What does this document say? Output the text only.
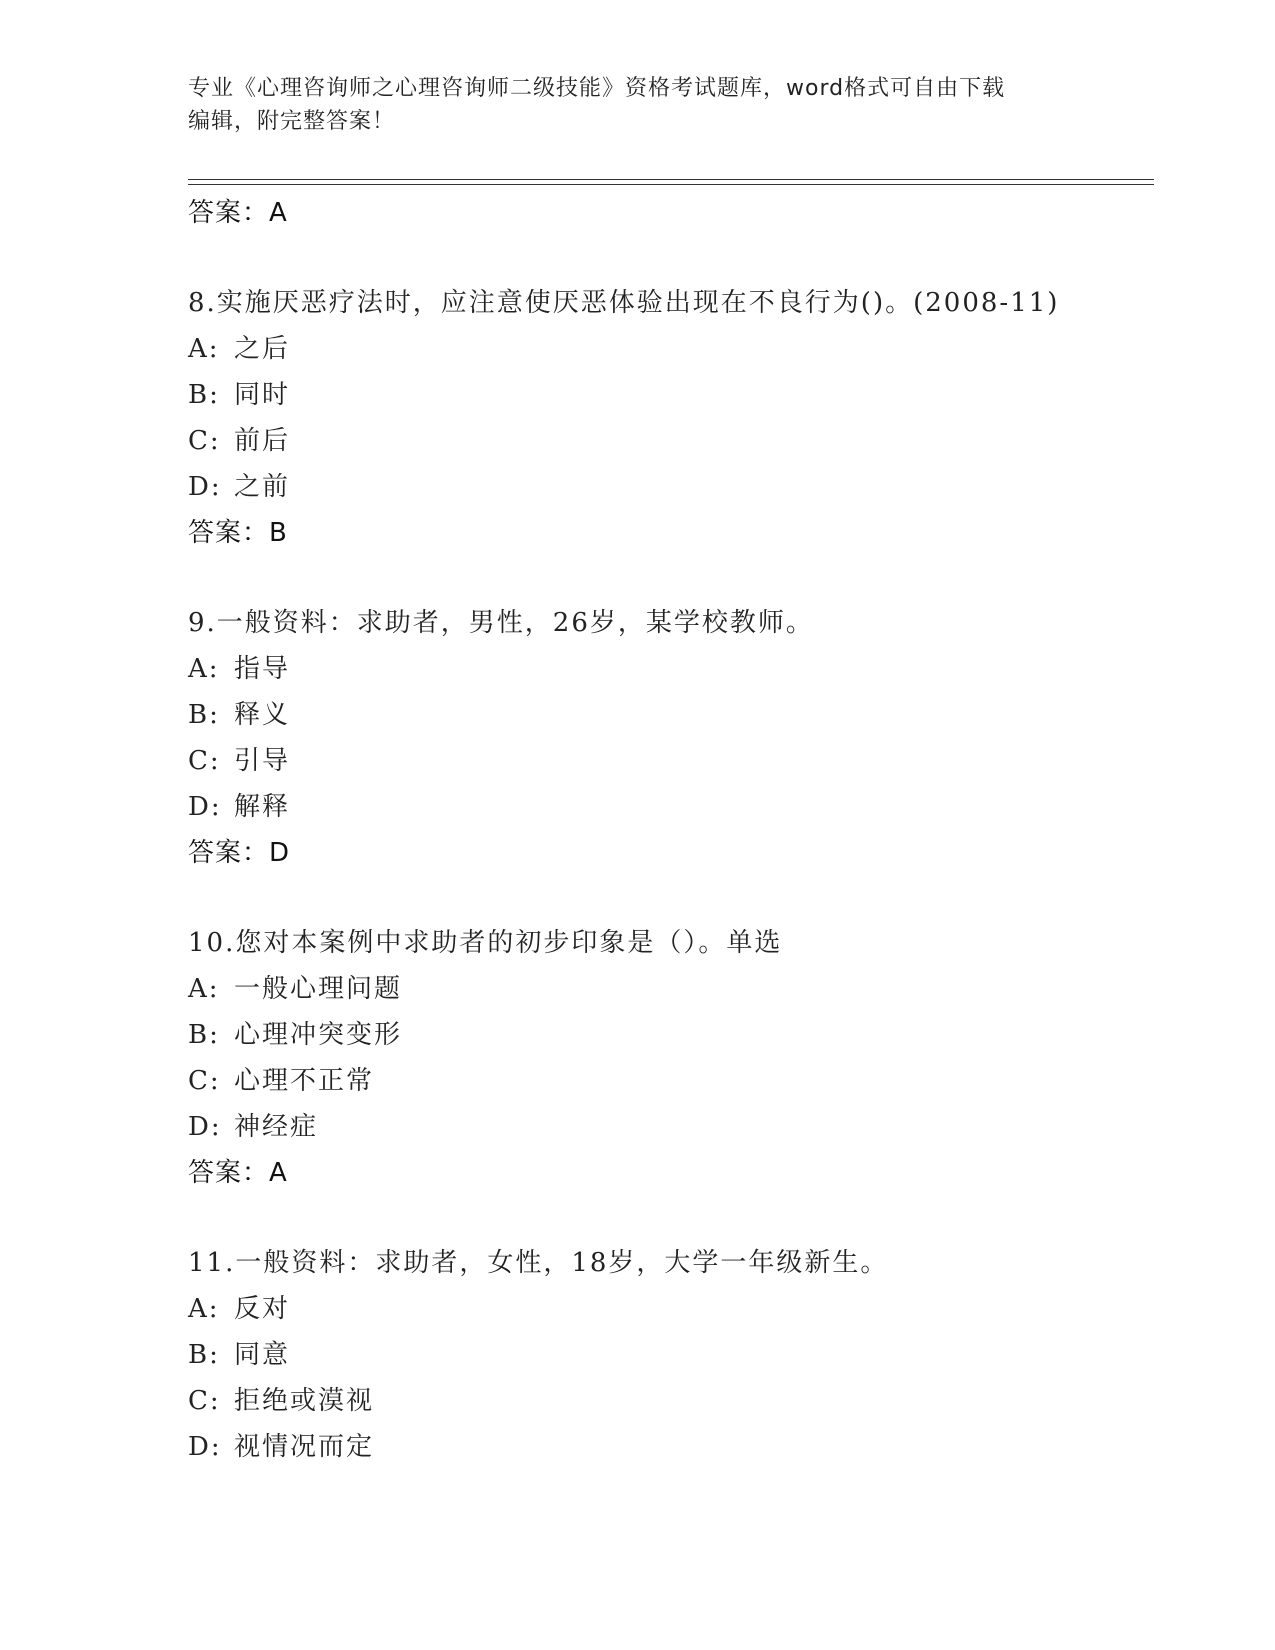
专业《心理咨询师之心理咨询师二级技能》资格考试题库，word格式可自由下载
编辑，附完整答案！
答案：A
8.实施厌恶疗法时，应注意使厌恶体验出现在不良行为()。(2008-11)
A: 之后
B: 同时
C: 前后
D: 之前
答案：B
9.一般资料：求助者，男性，26岁，某学校教师。
A: 指导
B: 释义
C: 引导
D: 解释
答案：D
10.您对本案例中求助者的初步印象是（）。单选
A: 一般心理问题
B: 心理冲突变形
C: 心理不正常
D: 神经症
答案：A
11.一般资料：求助者，女性，18岁，大学一年级新生。
A: 反对
B: 同意
C: 拒绝或漠视
D: 视情况而定
